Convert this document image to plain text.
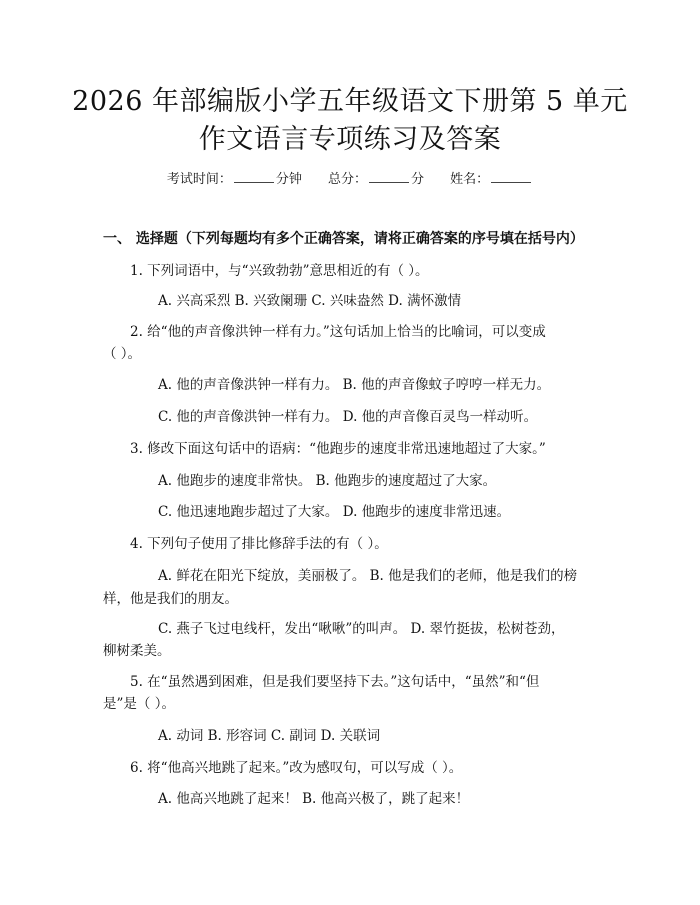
2026 年部编版小学五年级语文下册第 5 单元
作文语言专项练习及答案
考试时间：	分钟 总分：	分 姓名：
一、 选择题（下列每题均有多个正确答案，请将正确答案的序号填在括号内）
1. 下列词语中，与“兴致勃勃”意思相近的有（ ）。
A. 兴高采烈 B. 兴致阑珊 C. 兴味盎然 D. 满怀激情
2. 给“他的声音像洪钟一样有力。”这句话加上恰当的比喻词，可以变成
（ ）。
A. 他的声音像洪钟一样有力。 B. 他的声音像蚊子哼哼一样无力。
C. 他的声音像洪钟一样有力。 D. 他的声音像百灵鸟一样动听。
3. 修改下面这句话中的语病：“他跑步的速度非常迅速地超过了大家。”
A. 他跑步的速度非常快。 B. 他跑步的速度超过了大家。
C. 他迅速地跑步超过了大家。 D. 他跑步的速度非常迅速。
4. 下列句子使用了排比修辞手法的有（ ）。
A. 鲜花在阳光下绽放，美丽极了。 B. 他是我们的老师，他是我们的榜
样，他是我们的朋友。
C. 燕子飞过电线杆，发出“啾啾”的叫声。 D. 翠竹挺拔，松树苍劲，
柳树柔美。
5. 在“虽然遇到困难，但是我们要坚持下去。”这句话中，“虽然”和“但
是”是（ ）。
A. 动词 B. 形容词 C. 副词 D. 关联词
6. 将“他高兴地跳了起来。”改为感叹句，可以写成（ ）。
A. 他高兴地跳了起来！ B. 他高兴极了，跳了起来！
